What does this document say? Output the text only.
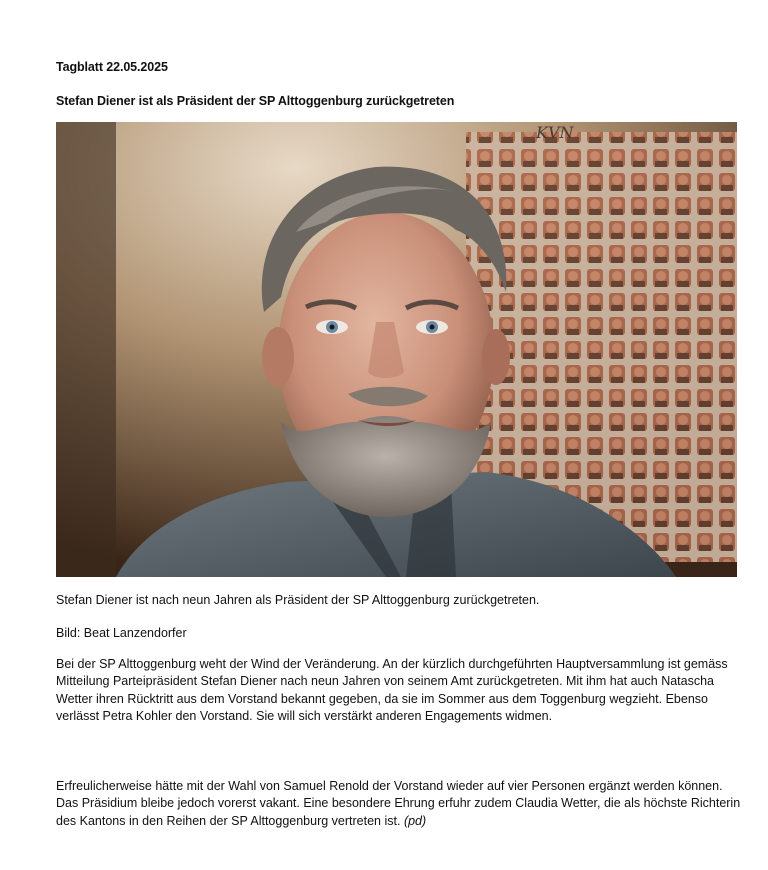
Tagblatt 22.05.2025
Stefan Diener ist als Präsident der SP Alttoggenburg zurückgetreten
KVN
Stefan Diener ist nach neun Jahren als Präsident der SP Alttoggenburg zurückgetreten.
Bild: Beat Lanzendorfer

Bei der SP Alttoggenburg weht der Wind der Veränderung. An der kürzlich durchgeführten Hauptversammlung ist gemäss Mitteilung Parteipräsident Stefan Diener nach neun Jahren von seinem Amt zurückgetreten. Mit ihm hat auch Natascha Wetter ihren Rücktritt aus dem Vorstand bekannt gegeben, da sie im Sommer aus dem Toggenburg wegzieht. Ebenso verlässt Petra Kohler den Vorstand. Sie will sich verstärkt anderen Engagements widmen.

Erfreulicherweise hätte mit der Wahl von Samuel Renold der Vorstand wieder auf vier Personen ergänzt werden können. Das Präsidium bleibe jedoch vorerst vakant. Eine besondere Ehrung erfuhr zudem Claudia Wetter, die als höchste Richterin des Kantons in den Reihen der SP Alttoggenburg vertreten ist. (pd)
